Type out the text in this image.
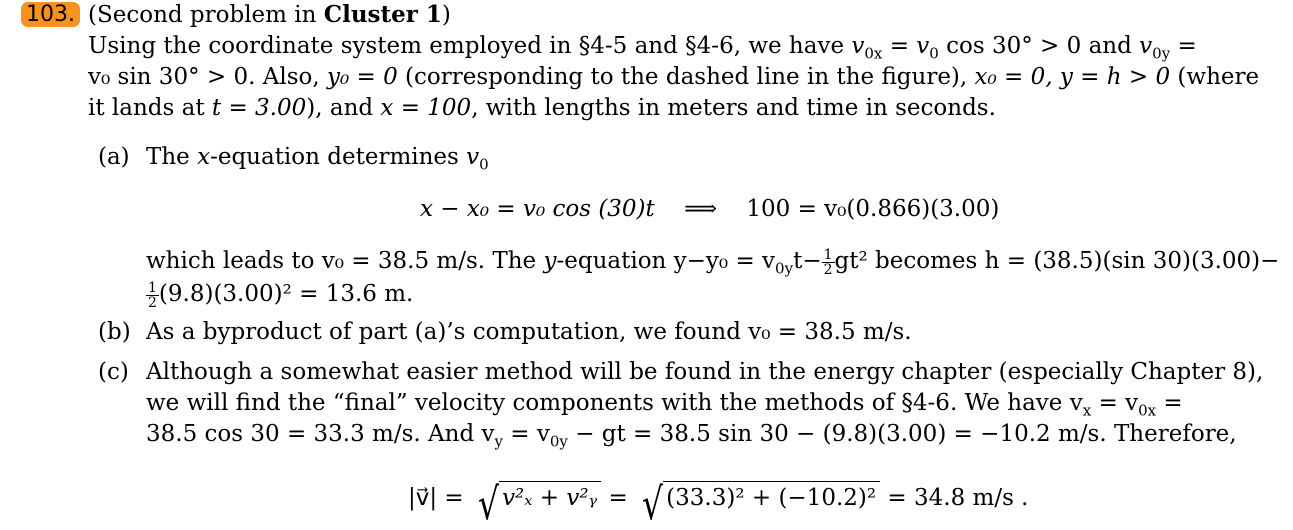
103. (Second problem in Cluster 1)
Using the coordinate system employed in §4-5 and §4-6, we have $v_{0x} = v_0$ cos 30° > 0 and $v_{0y}$ =
v₀ sin 30° > 0. Also, y₀ = 0 (corresponding to the dashed line in the figure), x₀ = 0, y = h > 0 (where
it lands at t = 3.00), and x = 100, with lengths in meters and time in seconds.
(a) The x-equation determines $v_0$
x − x₀ = v₀ cos (30)t ⟹ 100 = v₀(0.866)(3.00)
which leads to v₀ = 38.5 m/s. The y-equation $y-y_0 = v_{0y}t- \frac{1}{2} gt^2$ becomes h = (38.5)(sin 30)(3.00)−
$\frac{1}{2} (9.8)(3.00)^2 = 13.6$ m.
(b) As a byproduct of part (a)’s computation, we found v₀ = 38.5 m/s.
(c) Although a somewhat easier method will be found in the energy chapter (especially Chapter 8),
we will find the “final” velocity components with the methods of §4-6. We have $v_x = v_{0x}$ =
38.5 cos 30 = 33.3 m/s. And $v_y = v_{0y}$ − gt = 38.5 sin 30 − (9.8)(3.00) = −10.2 m/s. Therefore,
|v⃗| = √ v²ₓ + v²ᵧ = √ (33.3)² + (−10.2)² = 34.8 m/s .
